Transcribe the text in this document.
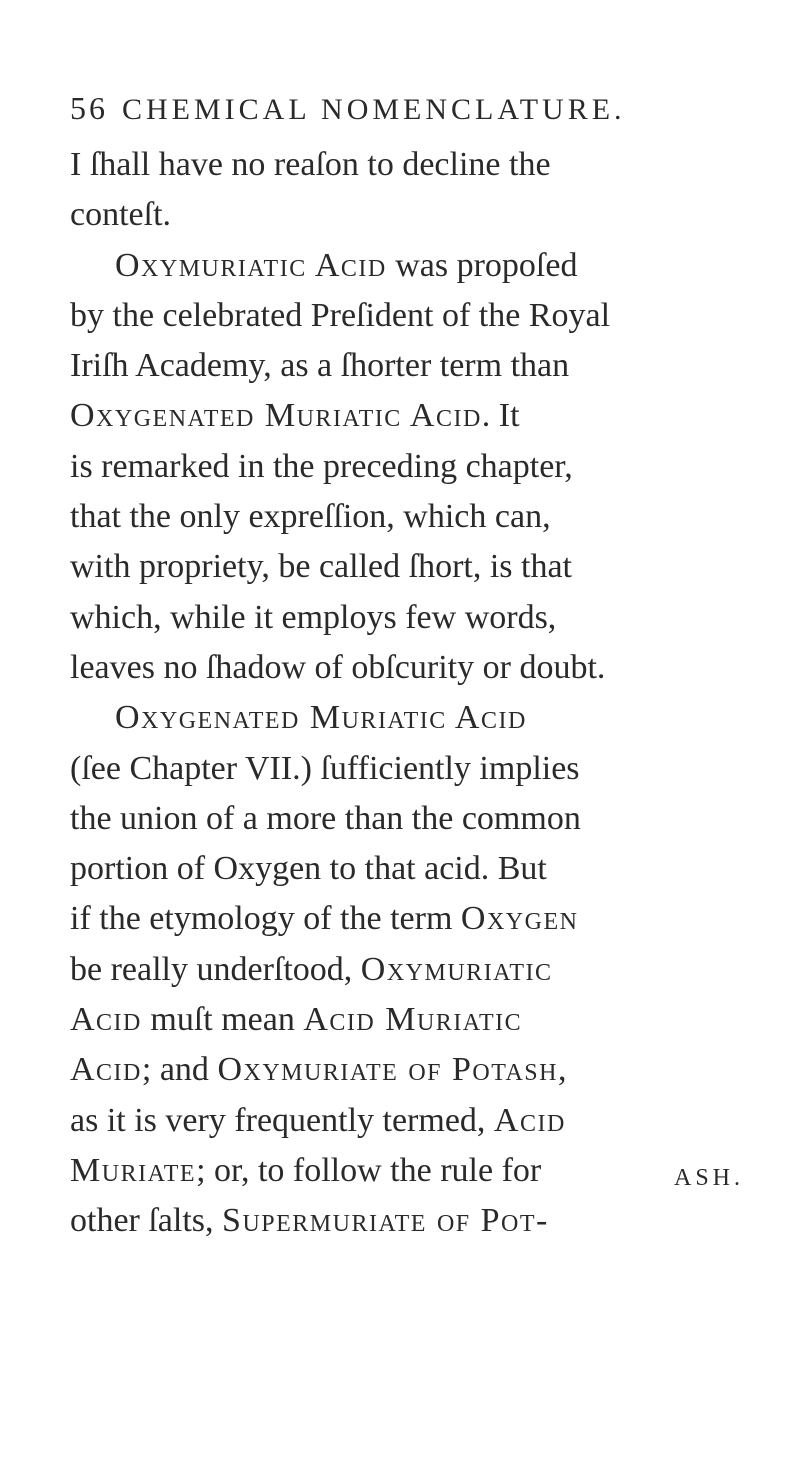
56 CHEMICAL NOMENCLATURE.
I ſhall have no reaſon to decline the
conteſt.
Oxymuriatic Acid was propoſed
by the celebrated Preſident of the Royal
Iriſh Academy, as a ſhorter term than
Oxygenated Muriatic Acid. It
is remarked in the preceding chapter,
that the only expreſſion, which can,
with propriety, be called ſhort, is that
which, while it employs few words,
leaves no ſhadow of obſcurity or doubt.
Oxygenated Muriatic Acid
(ſee Chapter VII.) ſufficiently implies
the union of a more than the common
portion of Oxygen to that acid. But
if the etymology of the term Oxygen
be really underſtood, Oxymuriatic
Acid muſt mean Acid Muriatic
Acid; and Oxymuriate of Potash,
as it is very frequently termed, Acid
Muriate; or, to follow the rule for
other ſalts, Supermuriate of Pot-
ASH.
